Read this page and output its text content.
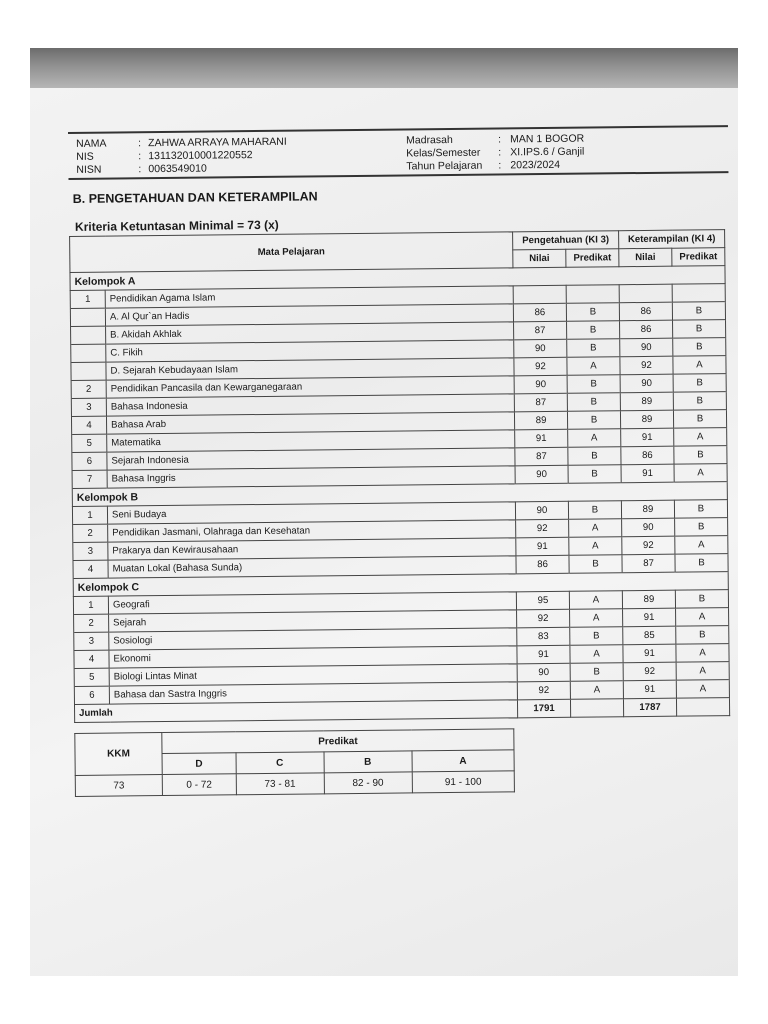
NAMA	: ZAHWA ARRAYA MAHARANI
NIS	: 131132010001220552
NISN	: 0063549010
Madrasah	: MAN 1 BOGOR
Kelas/Semester	: XI.IPS.6 / Ganjil
Tahun Pelajaran	: 2023/2024
B. PENGETAHUAN DAN KETERAMPILAN
Kriteria Ketuntasan Minimal = 73 (x)
Mata Pelajaran		Pengetahuan (KI 3)		Keterampilan (KI 4)	
		Nilai	Predikat	Nilai	Predikat
Kelompok A					
1	Pendidikan Agama Islam				
	A. Al Qur`an Hadis	86	B	86	B
	B. Akidah Akhlak	87	B	86	B
	C. Fikih	90	B	90	B
	D. Sejarah Kebudayaan Islam	92	A	92	A
2	Pendidikan Pancasila dan Kewarganegaraan	90	B	90	B
3	Bahasa Indonesia	87	B	89	B
4	Bahasa Arab	89	B	89	B
5	Matematika	91	A	91	A
6	Sejarah Indonesia	87	B	86	B
7	Bahasa Inggris	90	B	91	A
Kelompok B					
1	Seni Budaya	90	B	89	B
2	Pendidikan Jasmani, Olahraga dan Kesehatan	92	A	90	B
3	Prakarya dan Kewirausahaan	91	A	92	A
4	Muatan Lokal (Bahasa Sunda)	86	B	87	B
Kelompok C					
1	Geografi	95	A	89	B
2	Sejarah	92	A	91	A
3	Sosiologi	83	B	85	B
4	Ekonomi	91	A	91	A
5	Biologi Lintas Minat	90	B	92	A
6	Bahasa dan Sastra Inggris	92	A	91	A
Jumlah		1791		1787	
KKM	Predikat			
	D	C	B	A
73	0 - 72	73 - 81	82 - 90	91 - 100
